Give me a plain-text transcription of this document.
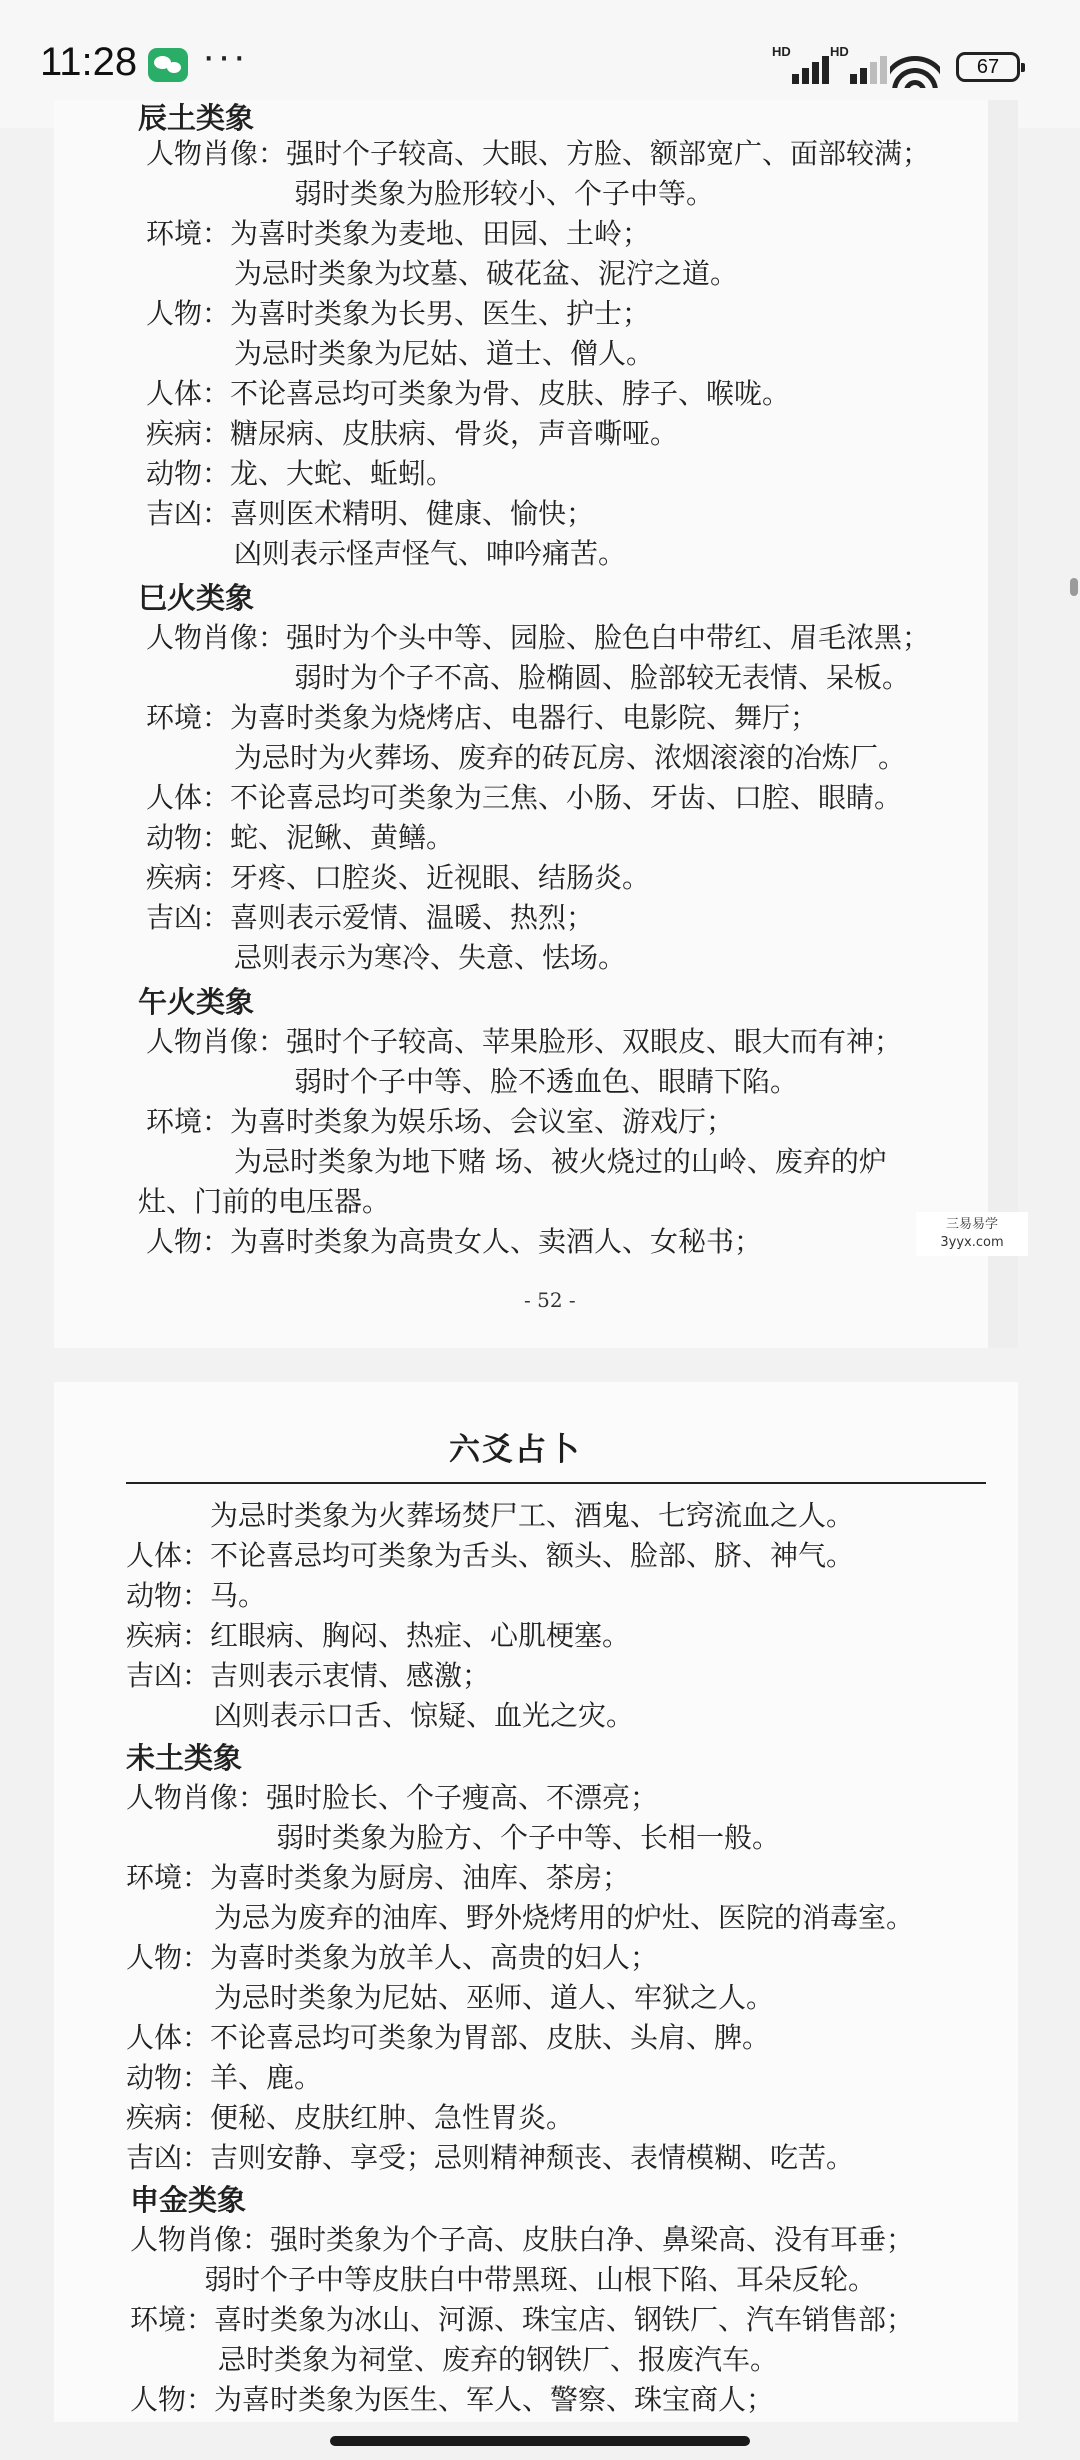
11:28 ···	HD	HD
67
辰土类象
人物肖像：强时个子较高、大眼、方脸、额部宽广、面部较满；
弱时类象为脸形较小、个子中等。
环境：为喜时类象为麦地、田园、土岭；
为忌时类象为坟墓、破花盆、泥泞之道。
人物：为喜时类象为长男、医生、护士；
为忌时类象为尼姑、道士、僧人。
人体：不论喜忌均可类象为骨、皮肤、脖子、喉咙。
疾病：糖尿病、皮肤病、骨炎，声音嘶哑。
动物：龙、大蛇、蚯蚓。
吉凶：喜则医术精明、健康、愉快；
凶则表示怪声怪气、呻吟痛苦。
巳火类象
人物肖像：强时为个头中等、园脸、脸色白中带红、眉毛浓黑；
弱时为个子不高、脸椭圆、脸部较无表情、呆板。
环境：为喜时类象为烧烤店、电器行、电影院、舞厅；
为忌时为火葬场、废弃的砖瓦房、浓烟滚滚的冶炼厂。
人体：不论喜忌均可类象为三焦、小肠、牙齿、口腔、眼睛。
动物：蛇、泥鳅、黄鳝。
疾病：牙疼、口腔炎、近视眼、结肠炎。
吉凶：喜则表示爱情、温暖、热烈；
忌则表示为寒冷、失意、怯场。
午火类象
人物肖像：强时个子较高、苹果脸形、双眼皮、眼大而有神；
弱时个子中等、脸不透血色、眼睛下陷。
环境：为喜时类象为娱乐场、会议室、游戏厅；
为忌时类象为地下赌 场、被火烧过的山岭、废弃的炉
灶、门前的电压器。
人物：为喜时类象为高贵女人、卖酒人、女秘书；
- 52 -
三易易学
3yyx.com
六爻占卜
为忌时类象为火葬场焚尸工、酒鬼、七窍流血之人。
人体：不论喜忌均可类象为舌头、额头、脸部、脐、神气。
动物：马。
疾病：红眼病、胸闷、热症、心肌梗塞。
吉凶：吉则表示衷情、感激；
凶则表示口舌、惊疑、血光之灾。
未土类象
人物肖像：强时脸长、个子瘦高、不漂亮；
弱时类象为脸方、个子中等、长相一般。
环境：为喜时类象为厨房、油库、茶房；
为忌为废弃的油库、野外烧烤用的炉灶、医院的消毒室。
人物：为喜时类象为放羊人、高贵的妇人；
为忌时类象为尼姑、巫师、道人、牢狱之人。
人体：不论喜忌均可类象为胃部、皮肤、头肩、脾。
动物：羊、鹿。
疾病：便秘、皮肤红肿、急性胃炎。
吉凶：吉则安静、享受；忌则精神颓丧、表情模糊、吃苦。
申金类象
人物肖像：强时类象为个子高、皮肤白净、鼻梁高、没有耳垂；
弱时个子中等皮肤白中带黑斑、山根下陷、耳朵反轮。
环境：喜时类象为冰山、河源、珠宝店、钢铁厂、汽车销售部；
忌时类象为祠堂、废弃的钢铁厂、报废汽车。
人物：为喜时类象为医生、军人、警察、珠宝商人；
